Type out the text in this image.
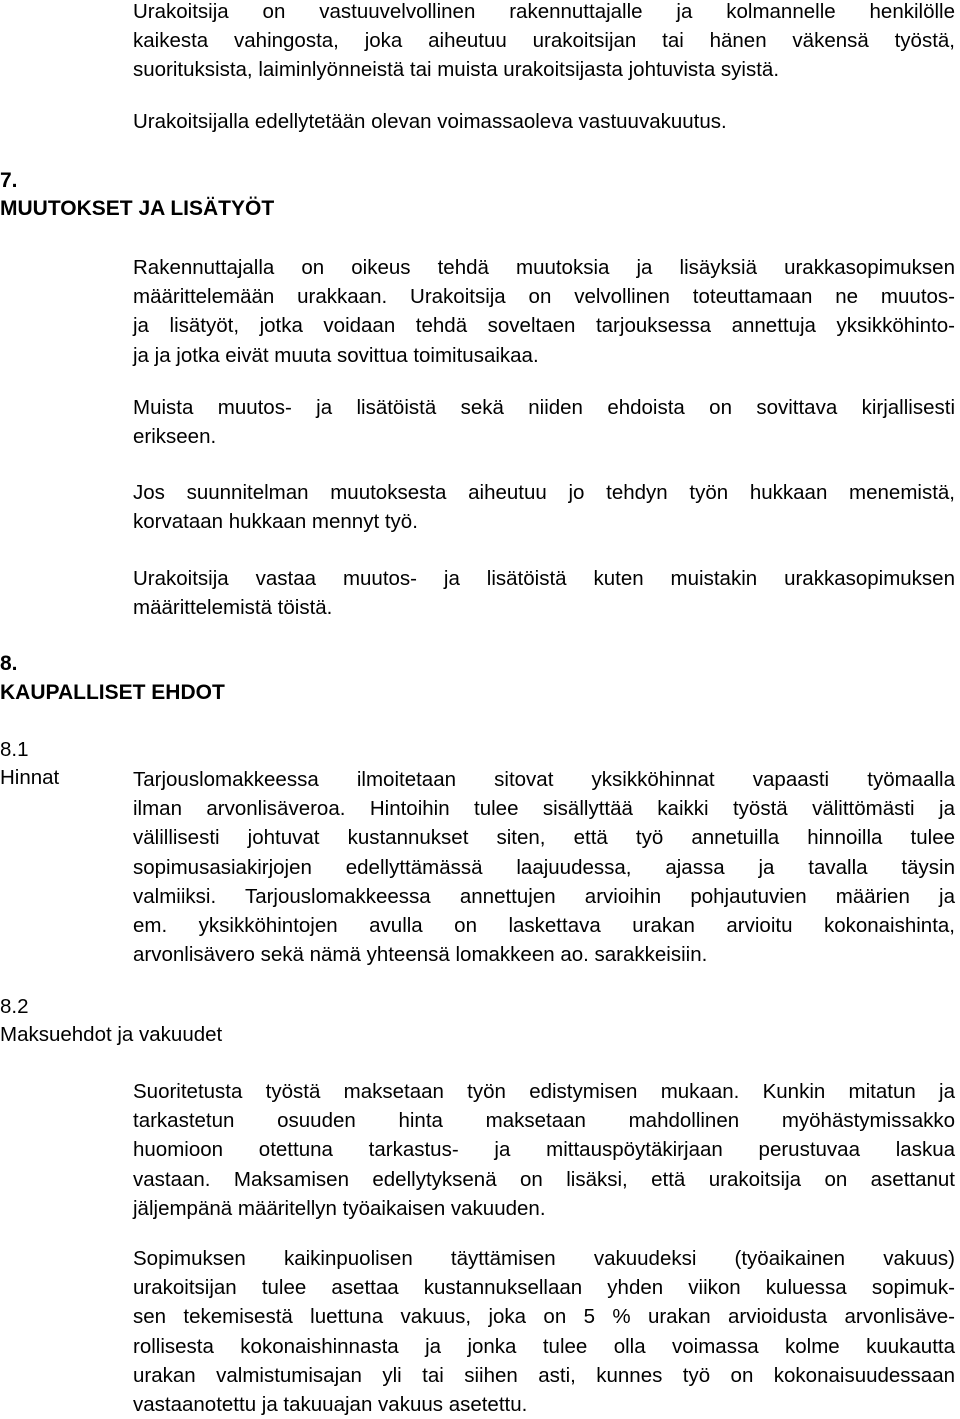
Urakoitsija on vastuuvelvollinen rakennuttajalle ja kolmannelle henkilölle
kaikesta vahingosta, joka aiheutuu urakoitsijan tai hänen väkensä työstä,
suorituksista, laiminlyönneistä tai muista urakoitsijasta johtuvista syistä.
Urakoitsijalla edellytetään olevan voimassaoleva vastuuvakuutus.

7.

MUUTOKSET JA LISÄTYÖT

Rakennuttajalla on oikeus tehdä muutoksia ja lisäyksiä urakkasopimuksen
määrittelemään urakkaan. Urakoitsija on velvollinen toteuttamaan ne muutos-
ja lisätyöt, jotka voidaan tehdä soveltaen tarjouksessa annettuja yksikköhinto-
ja ja jotka eivät muuta sovittua toimitusaikaa.
Muista muutos- ja lisätöistä sekä niiden ehdoista on sovittava kirjallisesti
erikseen.
Jos suunnitelman muutoksesta aiheutuu jo tehdyn työn hukkaan menemistä,
korvataan hukkaan mennyt työ.
Urakoitsija vastaa muutos- ja lisätöistä kuten muistakin urakkasopimuksen
määrittelemistä töistä.

8.

KAUPALLISET EHDOT

8.1

Hinnat	Tarjouslomakkeessa ilmoitetaan sitovat yksikköhinnat vapaasti työmaalla
ilman arvonlisäveroa. Hintoihin tulee sisällyttää kaikki työstä välittömästi ja
välillisesti johtuvat kustannukset siten, että työ annetuilla hinnoilla tulee
sopimusasiakirjojen edellyttämässä laajuudessa, ajassa ja tavalla täysin
valmiiksi. Tarjouslomakkeessa annettujen arvioihin pohjautuvien määrien ja
em. yksikköhintojen avulla on laskettava urakan arvioitu kokonaishinta,
arvonlisävero sekä nämä yhteensä lomakkeen ao. sarakkeisiin.

8.2

Maksuehdot ja vakuudet

Suoritetusta työstä maksetaan työn edistymisen mukaan. Kunkin mitatun ja
tarkastetun osuuden hinta maksetaan mahdollinen myöhästymissakko
huomioon otettuna tarkastus- ja mittauspöytäkirjaan perustuvaa laskua
vastaan. Maksamisen edellytyksenä on lisäksi, että urakoitsija on asettanut
jäljempänä määritellyn työaikaisen vakuuden.
Sopimuksen kaikinpuolisen täyttämisen vakuudeksi (työaikainen vakuus)
urakoitsijan tulee asettaa kustannuksellaan yhden viikon kuluessa sopimuk-
sen tekemisestä luettuna vakuus, joka on 5 % urakan arvioidusta arvonlisäve-
rollisesta kokonaishinnasta ja jonka tulee olla voimassa kolme kuukautta
urakan valmistumisajan yli tai siihen asti, kunnes työ on kokonaisuudessaan
vastaanotettu ja takuuajan vakuus asetettu.
